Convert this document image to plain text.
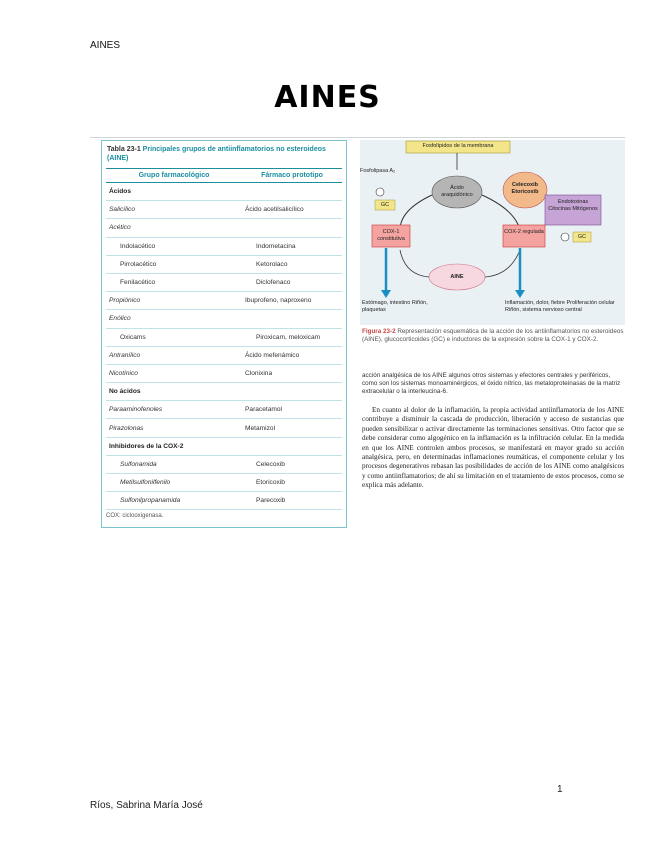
AINES
AINES
Tabla 23-1 Principales grupos de antiinflamatorios no esteroideos (AINE)
Grupo farmacológico	Fármaco prototipo
Ácidos
Salicílico	Ácido acetilsalicílico
Acético
Indolacético	Indometacina
Pirrolacético	Ketorolaco
Fenilacético	Diclofenaco
Propiónico	Ibuprofeno, naproxeno
Enólico
Oxicams	Piroxicam, meloxicam
Antranílico	Ácido mefenámico
Nicotínico	Clonixina
No ácidos
Paraaminofenoles	Paracetamol
Pirazolonas	Metamizol
Inhibidores de la COX-2
Sulfonamida	Celecoxib
Metilsulfonilfenilo	Etoricoxib
Sulfonilpropanamida	Parecoxib
COX: ciclooxigenasa.
Fosfolípidos de la membrana
Fosfolipasa A₂
GC
Ácido araquidónico
Celecoxib Etoricoxib
Endotoxinas Citocinas Mitógenos
COX-1 constitutiva
COX-2 regulada
GC
AINE
Estómago, intestino Riñón, plaquetas
Inflamación, dolor, fiebre Proliferación celular Riñón, sistema nervioso central
Figura 23-2 Representación esquemática de la acción de los antiinflamatorios no esteroideos (AINE), glucocorticoides (GC) e inductores de la expresión sobre la COX-1 y COX-2.
acción analgésica de los AINE algunos otros sistemas y efectores centrales y periféricos, como son los sistemas monoaminérgicos, el óxido nítrico, las metaloproteinasas de la matriz extracelular o la interleucina-6.
En cuanto al dolor de la inflamación, la propia actividad antiinflamatoria de los AINE contribuye a disminuir la cascada de producción, liberación y acceso de sustancias que pueden sensibilizar o activar directamente las terminaciones sensitivas. Otro factor que se debe considerar como algogénico en la inflamación es la infiltración celular. En la medida en que los AINE controlen ambos procesos, se manifestará en mayor grado su acción analgésica, pero, en determinadas inflamaciones reumáticas, el componente celular y los procesos degenerativos rebasan las posibilidades de acción de los AINE como analgésicos y como antiinflamatorios; de ahí su limitación en el tratamiento de estos procesos, como se explica más adelante.
1
Ríos, Sabrina María José
